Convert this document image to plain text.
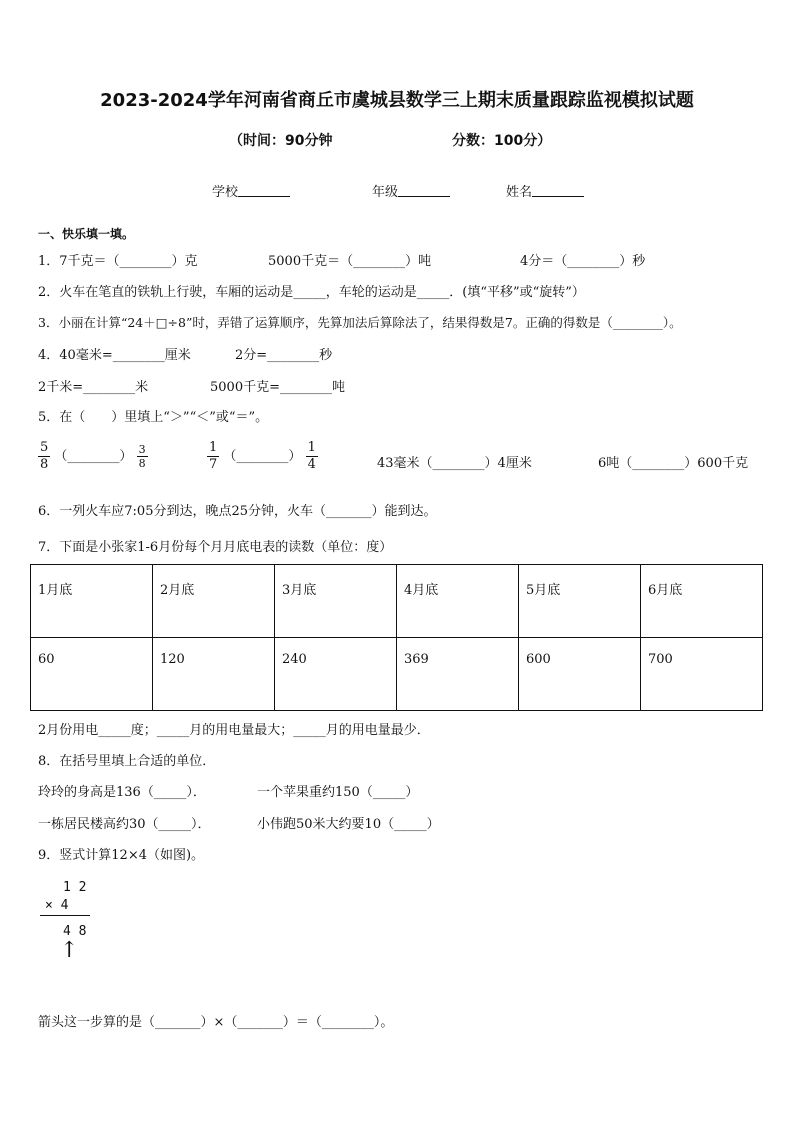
2023-2024学年河南省商丘市虞城县数学三上期末质量跟踪监视模拟试题
（时间：90分钟	分数：100分）
学校	年级	姓名
一、快乐填一填。
1．7千克＝（________）克	5000千克＝（________）吨	4分＝（________）秒
2．火车在笔直的铁轨上行驶，车厢的运动是_____，车轮的运动是_____．(填“平移”或“旋转”）
3．小丽在计算“24＋□÷8”时，弄错了运算顺序，先算加法后算除法了，结果得数是7。正确的得数是（________）。
4．40毫米=________厘米	2分=________秒
2千米=________米	5000千克=________吨
5．在（　　）里填上“＞”“＜”或“＝”。
$\frac{5}{8}$ （________） $\frac{3}{8}$	$\frac{1}{7}$ （________） $\frac{1}{4}$	43毫米（________）4厘米	6吨（________）600千克
6．一列火车应7:05分到达，晚点25分钟，火车（_______）能到达。
7．下面是小张家1-6月份每个月月底电表的读数（单位：度）
1月底	2月底	3月底	4月底	5月底	6月底
60	120	240	369	600	700
2月份用电_____度；_____月的用电量最大；_____月的用电量最少．
8．在括号里填上合适的单位．
玲玲的身高是136（_____）．	一个苹果重约150（_____）
一栋居民楼高约30（_____）．	小伟跑50米大约要10（_____）
9．竖式计算12×4（如图)。
1 2
× 4
4 8
↑
箭头这一步算的是（_______）×（_______）＝（________）。
